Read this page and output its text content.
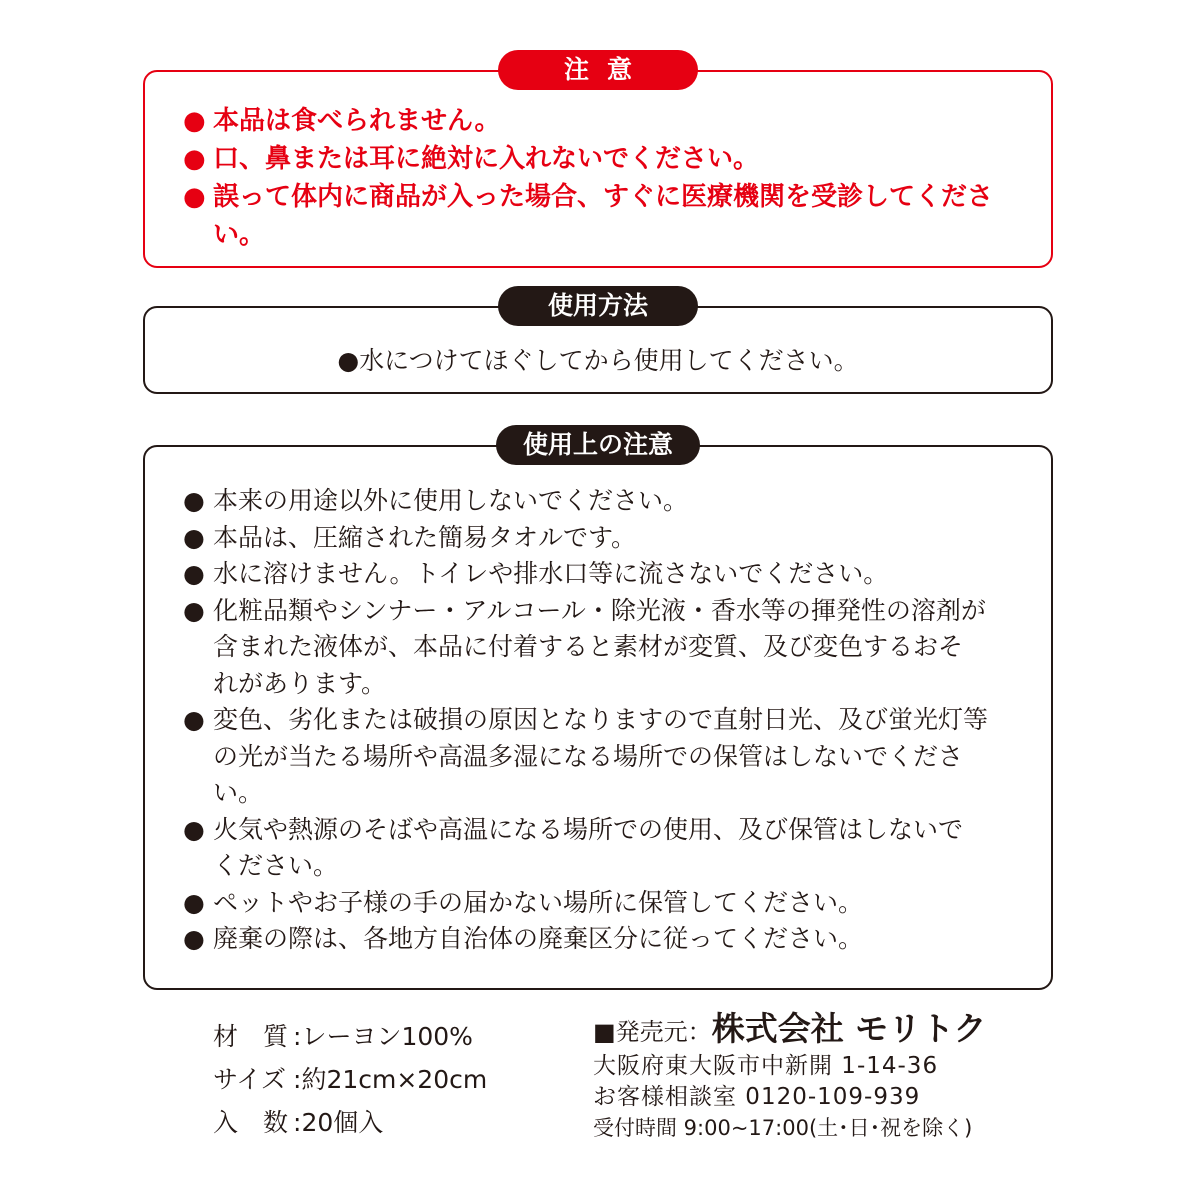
注意
● 本品は食べられません。
● 口、鼻または耳に絶対に入れないでください。
● 誤って体内に商品が入った場合、すぐに医療機関を受診してくださ
い。
使用方法
●水につけてほぐしてから使用してください。
使用上の注意
● 本来の用途以外に使用しないでください。
● 本品は、圧縮された簡易タオルです。
● 水に溶けません。トイレや排水口等に流さないでください。
● 化粧品類やシンナー・アルコール・除光液・香水等の揮発性の溶剤が
含まれた液体が、本品に付着すると素材が変質、及び変色するおそ
れがあります。
● 変色、劣化または破損の原因となりますので直射日光、及び蛍光灯等
の光が当たる場所や高温多湿になる場所での保管はしないでくださ
い。
● 火気や熱源のそばや高温になる場所での使用、及び保管はしないで
ください。
● ペットやお子様の手の届かない場所に保管してください。
● 廃棄の際は、各地方自治体の廃棄区分に従ってください。
材　質 :レーヨン100%
サイズ :約21cm×20cm
入　数 :20個入
■発売元：株式会社 モリトク
大阪府東大阪市中新開 1-14-36
お客様相談室 0120-109-939
受付時間 9:00~17:00(土･日･祝を除く)
